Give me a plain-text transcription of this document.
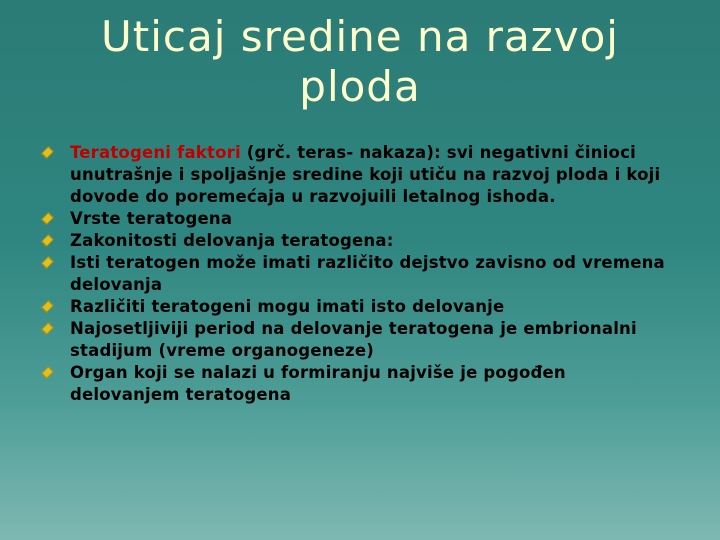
Uticaj sredine na razvoj ploda
Teratogeni faktori (grč. teras- nakaza): svi negativni činioci unutrašnje i spoljašnje sredine koji utiču na razvoj ploda i koji dovode do poremećaja u razvojuili letalnog ishoda.
Vrste teratogena
Zakonitosti delovanja teratogena:
Isti teratogen može imati različito dejstvo zavisno od vremena delovanja
Različiti teratogeni mogu imati isto delovanje
Najosetljiviji period na delovanje teratogena je embrionalni stadijum (vreme organogeneze)
Organ koji se nalazi u formiranju najviše je pogođen delovanjem teratogena
